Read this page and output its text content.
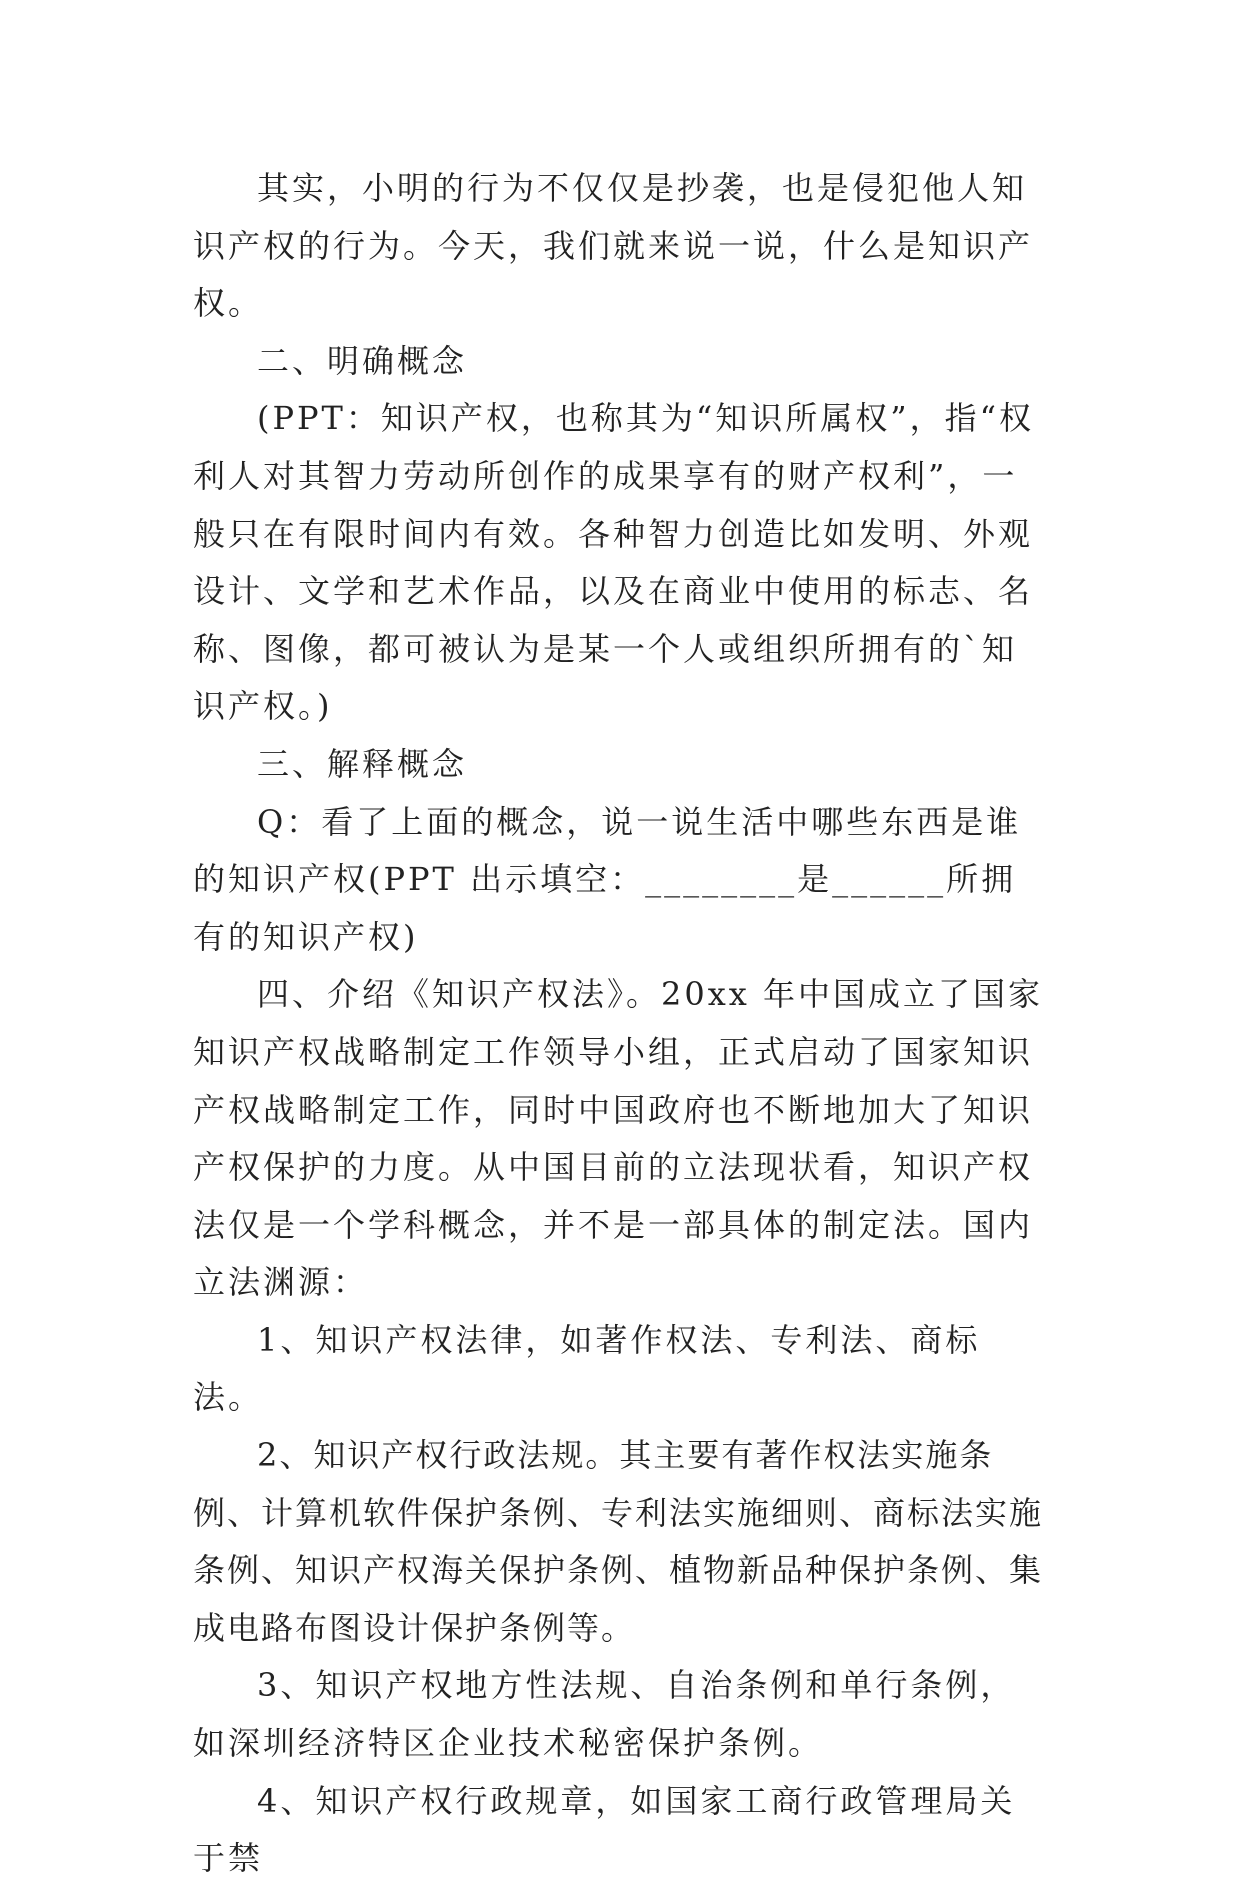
其实，小明的行为不仅仅是抄袭，也是侵犯他人知识产权的行为。今天，我们就来说一说，什么是知识产权。

二、明确概念

(PPT：知识产权，也称其为“知识所属权”，指“权利人对其智力劳动所创作的成果享有的财产权利”，一般只在有限时间内有效。各种智力创造比如发明、外观设计、文学和艺术作品，以及在商业中使用的标志、名称、图像，都可被认为是某一个人或组织所拥有的`知识产权。)

三、解释概念

Q：看了上面的概念，说一说生活中哪些东西是谁的知识产权(PPT 出示填空：________是______所拥有的知识产权)

四、介绍《知识产权法》。20xx 年中国成立了国家知识产权战略制定工作领导小组，正式启动了国家知识产权战略制定工作，同时中国政府也不断地加大了知识产权保护的力度。从中国目前的立法现状看，知识产权法仅是一个学科概念，并不是一部具体的制定法。国内立法渊源：

1、知识产权法律，如著作权法、专利法、商标法。

2、知识产权行政法规。其主要有著作权法实施条例、计算机软件保护条例、专利法实施细则、商标法实施条例、知识产权海关保护条例、植物新品种保护条例、集成电路布图设计保护条例等。

3、知识产权地方性法规、自治条例和单行条例，如深圳经济特区企业技术秘密保护条例。

4、知识产权行政规章，如国家工商行政管理局关于禁
